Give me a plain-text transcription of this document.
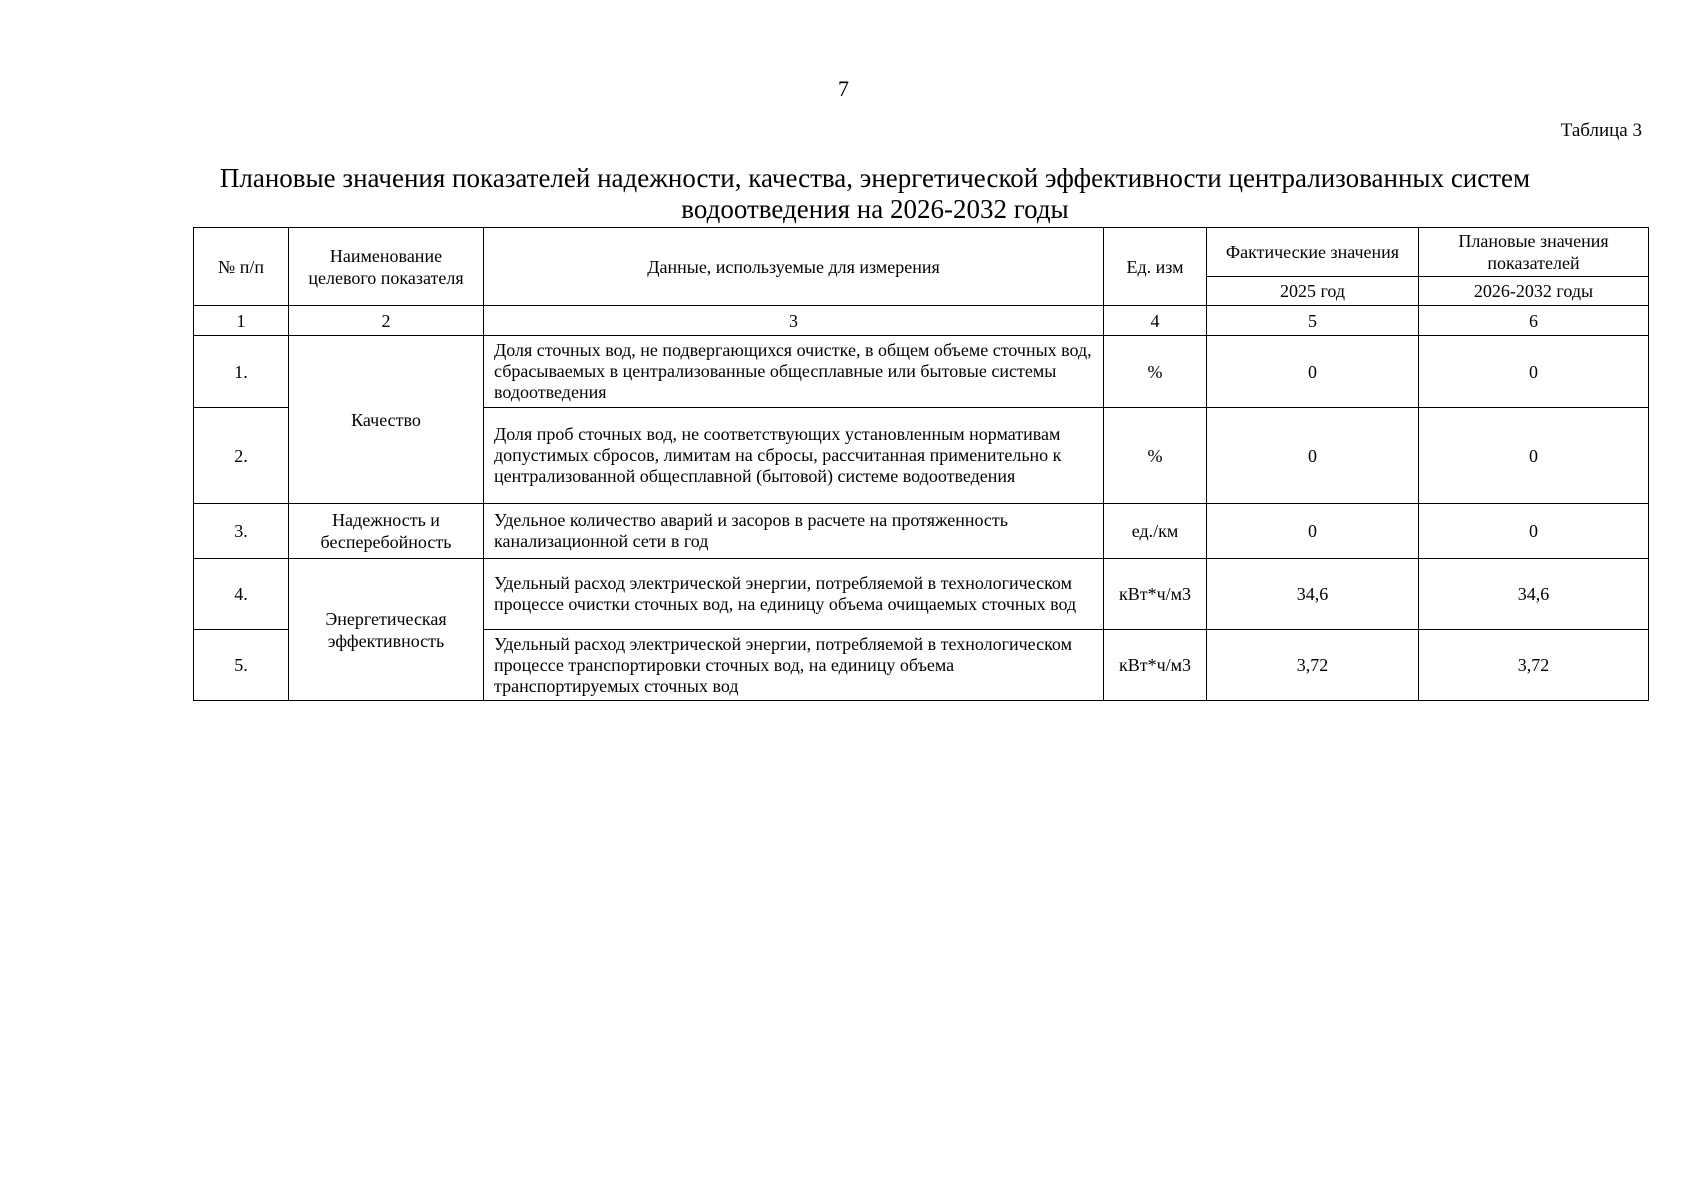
7
Таблица 3
Плановые значения показателей надежности, качества, энергетической эффективности централизованных систем
водоотведения на 2026-2032 годы
№ п/п	Наименование целевого показателя	Данные, используемые для измерения	Ед. изм	Фактические значения	Плановые значения показателей
				2025 год	2026-2032 годы
1	2	3	4	5	6
1.	Качество	Доля сточных вод, не подвергающихся очистке, в общем объеме сточных вод, сбрасываемых в централизованные общесплавные или бытовые системы водоотведения	%	0	0
2.		Доля проб сточных вод, не соответствующих установленным нормативам допустимых сбросов, лимитам на сбросы, рассчитанная применительно к централизованной общесплавной (бытовой) системе водоотведения	%	0	0
3.	Надежность и бесперебойность	Удельное количество аварий и засоров в расчете на протяженность канализационной сети в год	ед./км	0	0
4.	Энергетическая эффективность	Удельный расход электрической энергии, потребляемой в технологическом процессе очистки сточных вод, на единицу объема очищаемых сточных вод	кВт*ч/м3	34,6	34,6
5.		Удельный расход электрической энергии, потребляемой в технологическом процессе транспортировки сточных вод, на единицу объема транспортируемых сточных вод	кВт*ч/м3	3,72	3,72
